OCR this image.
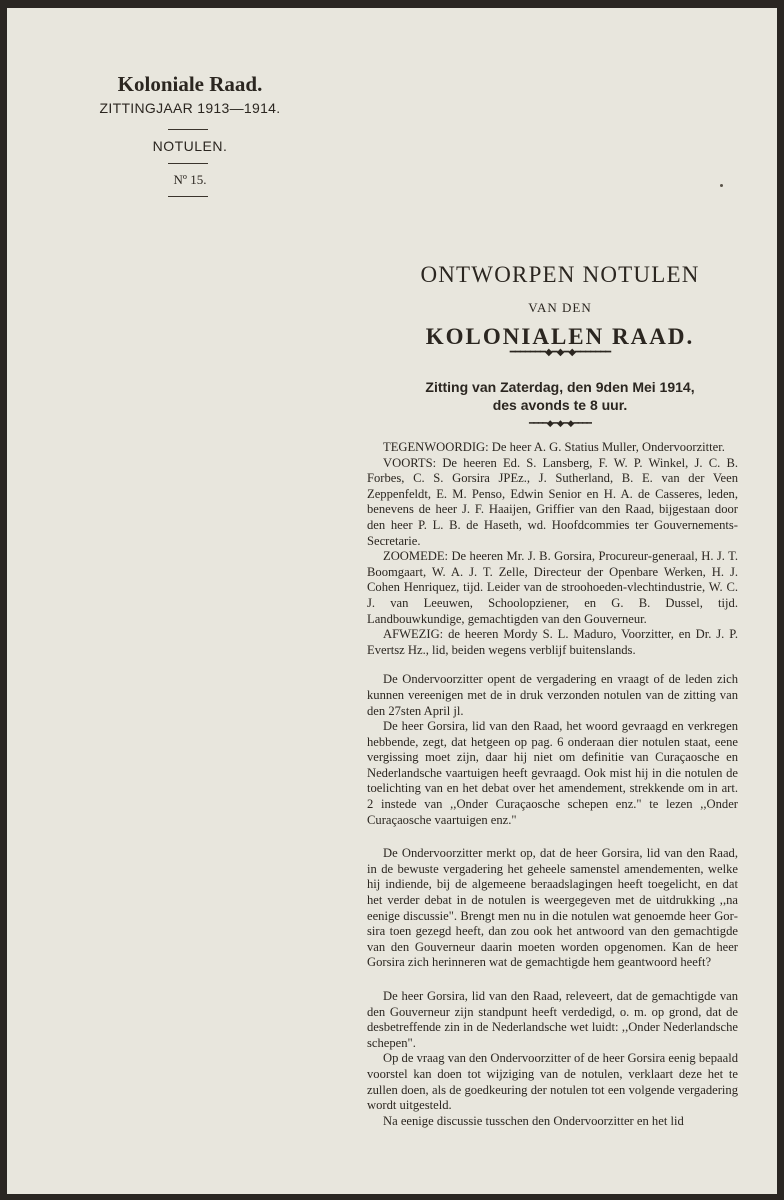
Koloniale Raad.
ZITTINGJAAR 1913—1914.
NOTULEN.
Nº 15.
ONTWORPEN NOTULEN
VAN DEN
KOLONIALEN RAAD.
━━━━━━━◆━◆━◆━━━━━━━
Zitting van Zaterdag, den 9den Mei 1914,
des avonds te 8 uur.
━━━━◆━◆━◆━━━━

TEGENWOORDIG: De heer A. G. Statius Muller, Ondervoorzitter.

VOORTS: De heeren Ed. S. Lansberg, F. W. P. Winkel, J. C. B. Forbes, C. S. Gorsira JPEz., J. Sutherland, B. E. van der Veen Zeppenfeldt, E. M. Penso, Edwin Senior en H. A. de Casseres, leden, benevens de heer J. F. Haaijen, Griffier van den Raad, bijgestaan door den heer P. L. B. de Haseth, wd. Hoofdcommies ter Gouvernements-Secretarie.

ZOOMEDE: De heeren Mr. J. B. Gorsira, Procureur-generaal, H. J. T. Boomgaart, W. A. J. T. Zelle, Directeur der Openbare Werken, H. J. Cohen Henriquez, tijd. Leider van de stroohoeden-vlechtindustrie, W. C. J. van Leeuwen, Schoolopziener, en G. B. Dussel, tijd. Landbouwkundige, gemachtigden van den Gouverneur.

AFWEZIG: de heeren Mordy S. L. Maduro, Voorzitter, en Dr. J. P. Evertsz Hz., lid, beiden wegens verblijf buitenslands.

De Ondervoorzitter opent de vergadering en vraagt of de leden zich kunnen vereenigen met de in druk verzonden notulen van de zitting van den 27sten April jl.

De heer Gorsira, lid van den Raad, het woord gevraagd en verkregen hebbende, zegt, dat hetgeen op pag. 6 onderaan dier notulen staat, eene vergissing moet zijn, daar hij niet om definitie van Curaçaosche en Nederlandsche vaartuigen heeft gevraagd. Ook mist hij in die notulen de toelichting van en het debat over het amendement, strekkende om in art. 2 instede van ,,Onder Curaçaosche schepen enz." te lezen ,,Onder Curaçaosche vaartuigen enz."

De Ondervoorzitter merkt op, dat de heer Gorsira, lid van den Raad, in de bewuste vergadering het geheele samenstel amendementen, welke hij indiende, bij de algemeene beraadslagingen heeft toegelicht, en dat het verder debat in de notulen is weergegeven met de uitdrukking ,,na eenige discussie". Brengt men nu in die notulen wat genoemde heer Gorsira toen gezegd heeft, dan zou ook het antwoord van den gemachtigde van den Gouverneur daarin moeten worden opgenomen. Kan de heer Gorsira zich herinneren wat de gemachtigde hem geantwoord heeft?

De heer Gorsira, lid van den Raad, releveert, dat de gemachtigde van den Gouverneur zijn standpunt heeft verdedigd, o. m. op grond, dat de desbetreffende zin in de Nederlandsche wet luidt: ,,Onder Nederlandsche schepen".

Op de vraag van den Ondervoorzitter of de heer Gorsira eenig bepaald voorstel kan doen tot wijziging van de notulen, verklaart deze het te zullen doen, als de goedkeuring der notulen tot een volgende vergadering wordt uitgesteld.

Na eenige discussie tusschen den Ondervoorzitter en het lid
